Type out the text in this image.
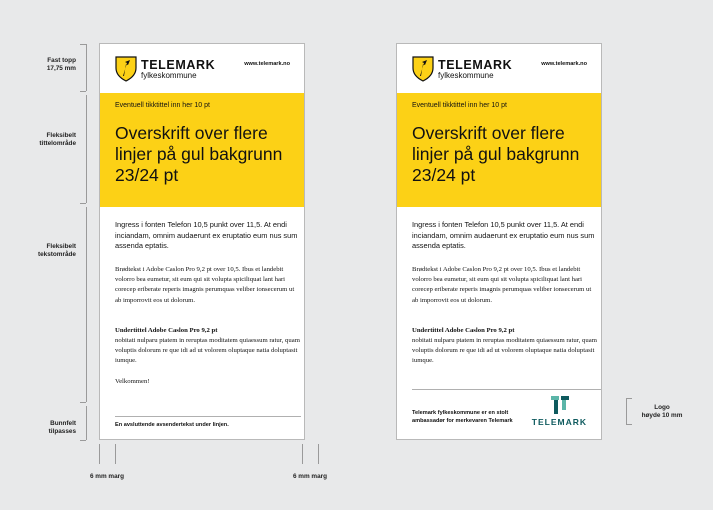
Fast topp
17,75 mm
Fleksibelt
tittelområde
Fleksibelt
tekstområde
Bunnfelt
tilpasses
6 mm marg	6 mm marg
TELEMARK
fylkeskommune
www.telemark.no
Eventuell tikktittel inn her 10 pt
Overskrift over flere linjer på gul bakgrunn 23/24 pt
Ingress i fonten Telefon 10,5 punkt over 11,5. At endi inciandam, omnim audaerunt ex eruptatio eum nus sum assenda eptatis.
Brødtekst i Adobe Caslon Pro 9,2 pt over 10,5. Ibus et landebit volorro bea eumetur, sit eum qui sit volupta spiciliquat lant hari corecep eriberate reperis imagnis perumquas veliber ionsecerum ut ab imporrovit eos ut dolorum.
Undertittel Adobe Caslon Pro 9,2 pt
nobitati nulparu ptatem in reruptas moditatem quiaessum ratur, quam voluptis dolorum re que idi ad ut volorem oluptaque natia doluptasit iumque.
Velkommen!
En avsluttende avsendertekst under linjen.
TELEMARK
fylkeskommune
www.telemark.no
Eventuell tikktittel inn her 10 pt
Overskrift over flere linjer på gul bakgrunn 23/24 pt
Ingress i fonten Telefon 10,5 punkt over 11,5. At endi inciandam, omnim audaerunt ex eruptatio eum nus sum assenda eptatis.
Brødtekst i Adobe Caslon Pro 9,2 pt over 10,5. Ibus et landebit volorro bea eumetur, sit eum qui sit volupta spiciliquat lant hari corecep eriberate reperis imagnis perumquas veliber ionsecerum ut ab imporrovit eos ut dolorum.
Undertittel Adobe Caslon Pro 9,2 pt
nobitati nulparu ptatem in reruptas moditatem quiaessum ratur, quam voluptis dolorum re que idi ad ut volorem oluptaque natia doluptasit iumque.
Telemark fylkeskommune er en stolt
ambassadør for merkevaren Telemark TELEMARK
Logo
høyde 10 mm
